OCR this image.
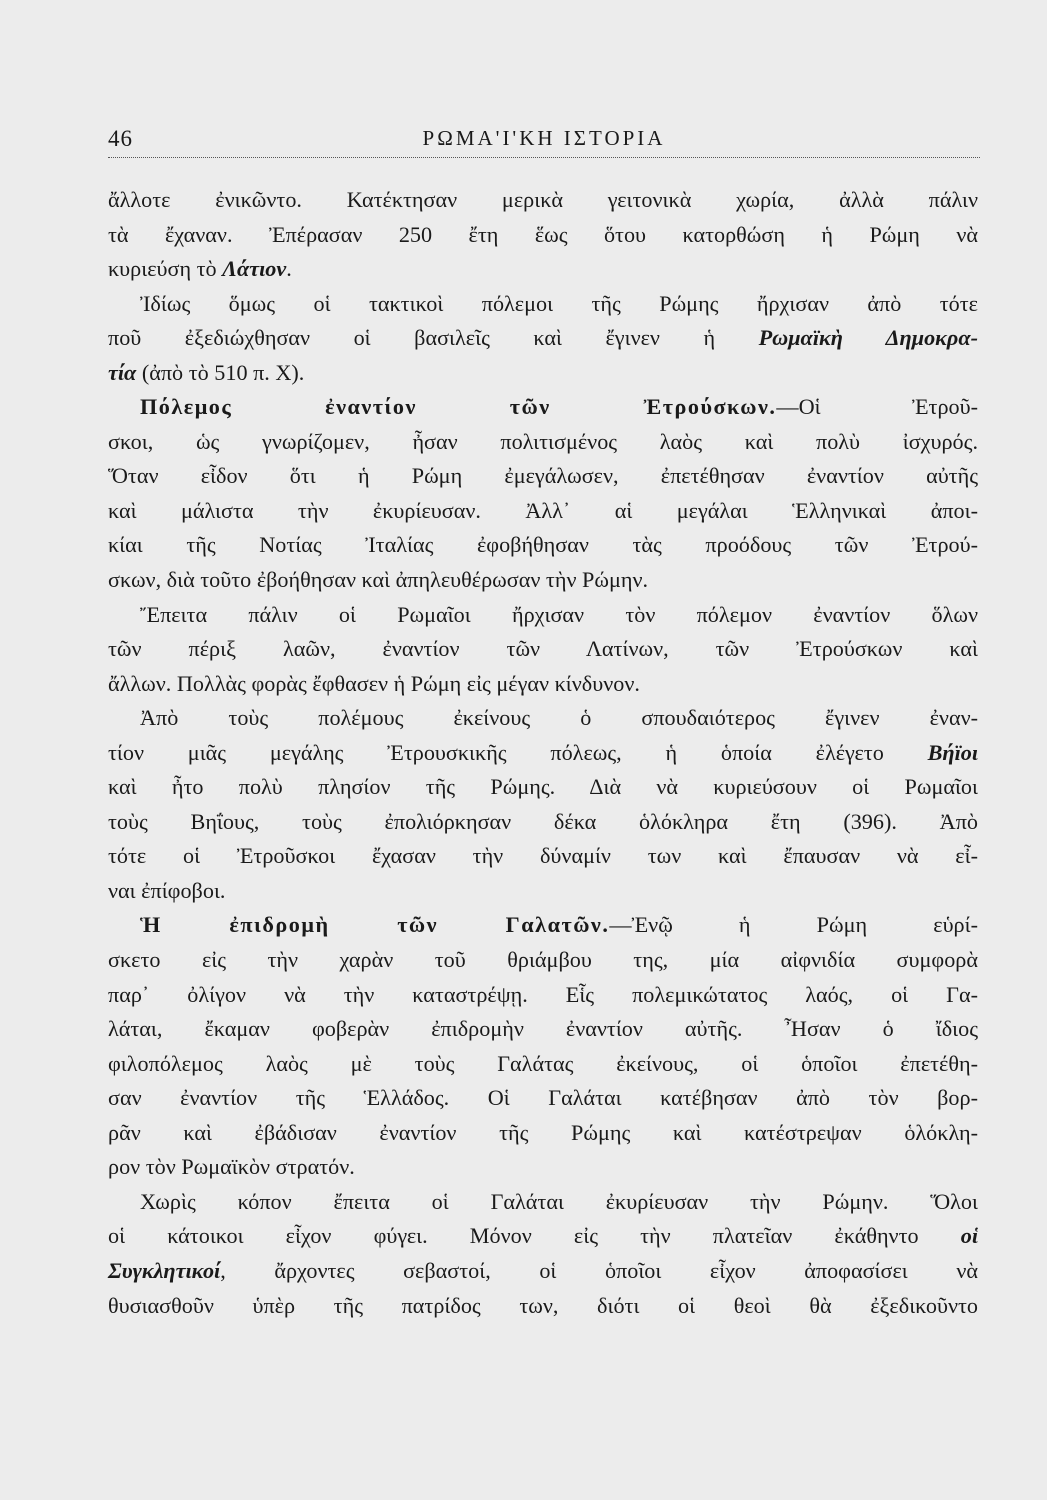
46	ΡΩΜΑ'Ι'ΚΗ ΙΣΤΟΡΙΑ
ἄλλοτε ἐνικῶντο. Κατέκτησαν μερικὰ γειτονικὰ χωρία, ἀλλὰ πάλιν
τὰ ἔχαναν. Ἐπέρασαν 250 ἔτη ἕως ὅτου κατορθώση ἡ Ρώμη νὰ
κυριεύση τὸ Λάτιον.
Ἰδίως ὅμως οἱ τακτικοὶ πόλεμοι τῆς Ρώμης ἤρχισαν ἀπὸ τότε
ποῦ ἐξεδιώχθησαν οἱ βασιλεῖς καὶ ἔγινεν ἡ Ρωμαϊκὴ Δημοκρα-
τία (ἀπὸ τὸ 510 π. Χ).
Πόλεμος ἐναντίον τῶν Ἐτρούσκων.—Οἱ Ἐτροῦ-
σκοι, ὡς γνωρίζομεν, ἦσαν πολιτισμένος λαὸς καὶ πολὺ ἰσχυρός.
Ὅταν εἶδον ὅτι ἡ Ρώμη ἐμεγάλωσεν, ἐπετέθησαν ἐναντίον αὐτῆς
καὶ μάλιστα τὴν ἐκυρίευσαν. Ἀλλ᾽ αἱ μεγάλαι Ἑλληνικαὶ ἀποι-
κίαι τῆς Νοτίας Ἰταλίας ἐφοβήθησαν τὰς προόδους τῶν Ἐτρού-
σκων, διὰ τοῦτο ἐβοήθησαν καὶ ἀπηλευθέρωσαν τὴν Ρώμην.
Ἔπειτα πάλιν οἱ Ρωμαῖοι ἤρχισαν τὸν πόλεμον ἐναντίον ὅλων
τῶν πέριξ λαῶν, ἐναντίον τῶν Λατίνων, τῶν Ἐτρούσκων καὶ
ἄλλων. Πολλὰς φορὰς ἔφθασεν ἡ Ρώμη εἰς μέγαν κίνδυνον.
Ἀπὸ τοὺς πολέμους ἐκείνους ὁ σπουδαιότερος ἔγινεν ἐναν-
τίον μιᾶς μεγάλης Ἐτρουσκικῆς πόλεως, ἡ ὁποία ἐλέγετο Βήϊοι
καὶ ἦτο πολὺ πλησίον τῆς Ρώμης. Διὰ νὰ κυριεύσουν οἱ Ρωμαῖοι
τοὺς Βηΐους, τοὺς ἐπολιόρκησαν δέκα ὁλόκληρα ἔτη (396). Ἀπὸ
τότε οἱ Ἐτροῦσκοι ἔχασαν τὴν δύναμίν των καὶ ἔπαυσαν νὰ εἶ-
ναι ἐπίφοβοι.
Ἡ ἐπιδρομὴ τῶν Γαλατῶν.—Ἐνῷ ἡ Ρώμη εὑρί-
σκετο εἰς τὴν χαρὰν τοῦ θριάμβου της, μία αἰφνιδία συμφορὰ
παρ᾽ ὀλίγον νὰ τὴν καταστρέψῃ. Εἷς πολεμικώτατος λαός, οἱ Γα-
λάται, ἔκαμαν φοβερὰν ἐπιδρομὴν ἐναντίον αὐτῆς. Ἦσαν ὁ ἴδιος
φιλοπόλεμος λαὸς μὲ τοὺς Γαλάτας ἐκείνους, οἱ ὁποῖοι ἐπετέθη-
σαν ἐναντίον τῆς Ἑλλάδος. Οἱ Γαλάται κατέβησαν ἀπὸ τὸν βορ-
ρᾶν καὶ ἐβάδισαν ἐναντίον τῆς Ρώμης καὶ κατέστρεψαν ὁλόκλη-
ρον τὸν Ρωμαϊκὸν στρατόν.
Χωρὶς κόπον ἔπειτα οἱ Γαλάται ἐκυρίευσαν τὴν Ρώμην. Ὅλοι
οἱ κάτοικοι εἶχον φύγει. Μόνον εἰς τὴν πλατεῖαν ἐκάθηντο οἱ
Συγκλητικοί, ἄρχοντες σεβαστοί, οἱ ὁποῖοι εἶχον ἀποφασίσει νὰ
θυσιασθοῦν ὑπὲρ τῆς πατρίδος των, διότι οἱ θεοὶ θὰ ἐξεδικοῦντο
